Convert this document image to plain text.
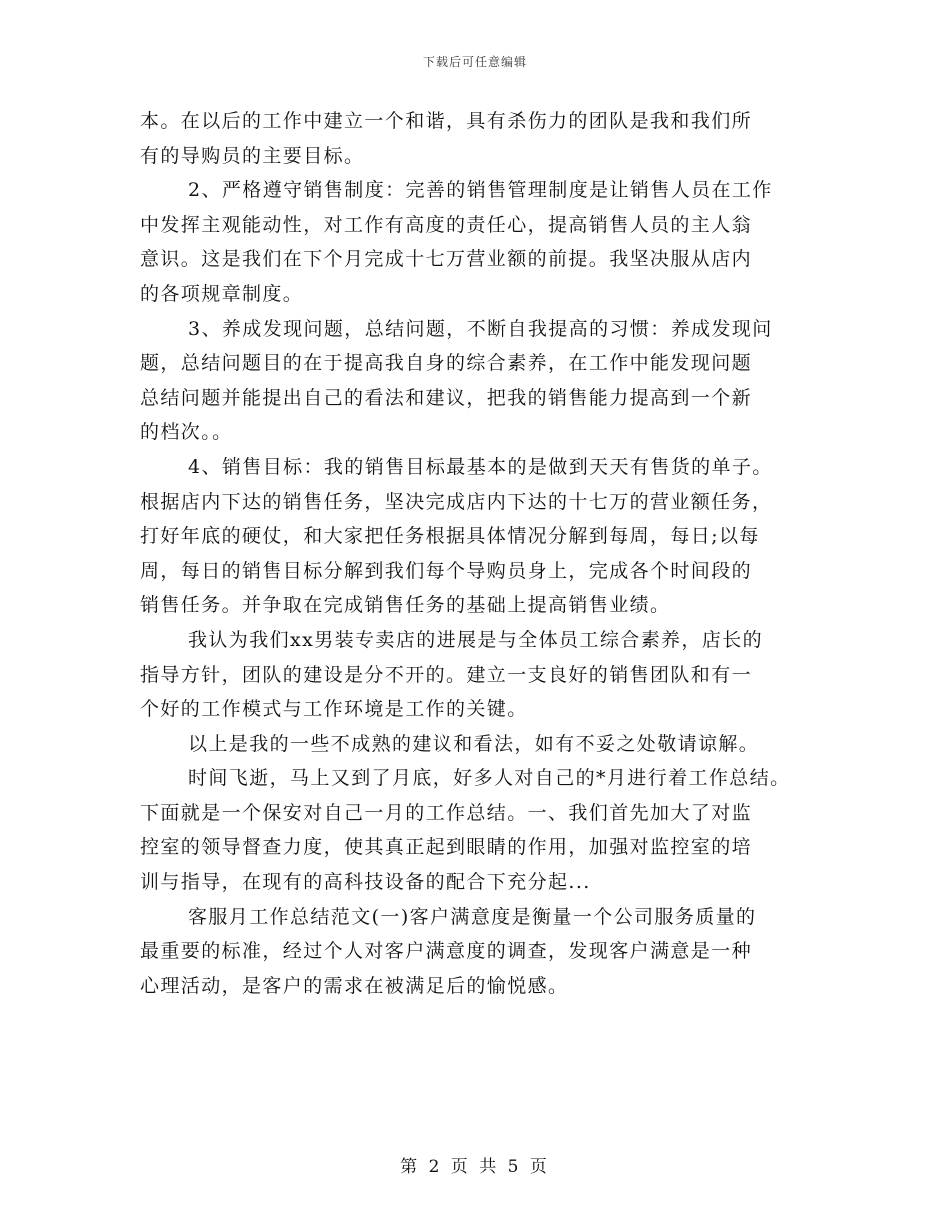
下载后可任意编辑
本。在以后的工作中建立一个和谐，具有杀伤力的团队是我和我们所
有的导购员的主要目标。
2、严格遵守销售制度：完善的销售管理制度是让销售人员在工作
中发挥主观能动性，对工作有高度的责任心，提高销售人员的主人翁
意识。这是我们在下个月完成十七万营业额的前提。我坚决服从店内
的各项规章制度。
3、养成发现问题，总结问题，不断自我提高的习惯：养成发现问
题，总结问题目的在于提高我自身的综合素养，在工作中能发现问题
总结问题并能提出自己的看法和建议，把我的销售能力提高到一个新
的档次。。
4、销售目标：我的销售目标最基本的是做到天天有售货的单子。
根据店内下达的销售任务，坚决完成店内下达的十七万的营业额任务，
打好年底的硬仗，和大家把任务根据具体情况分解到每周，每日;以每
周，每日的销售目标分解到我们每个导购员身上，完成各个时间段的
销售任务。并争取在完成销售任务的基础上提高销售业绩。
我认为我们xx男装专卖店的进展是与全体员工综合素养，店长的
指导方针，团队的建设是分不开的。建立一支良好的销售团队和有一
个好的工作模式与工作环境是工作的关键。
以上是我的一些不成熟的建议和看法，如有不妥之处敬请谅解。
时间飞逝，马上又到了月底，好多人对自己的*月进行着工作总结。
下面就是一个保安对自己一月的工作总结。一、我们首先加大了对监
控室的领导督查力度，使其真正起到眼睛的作用，加强对监控室的培
训与指导，在现有的高科技设备的配合下充分起...
客服月工作总结范文(一)客户满意度是衡量一个公司服务质量的
最重要的标准，经过个人对客户满意度的调查，发现客户满意是一种
心理活动，是客户的需求在被满足后的愉悦感。
第 2 页 共 5 页
